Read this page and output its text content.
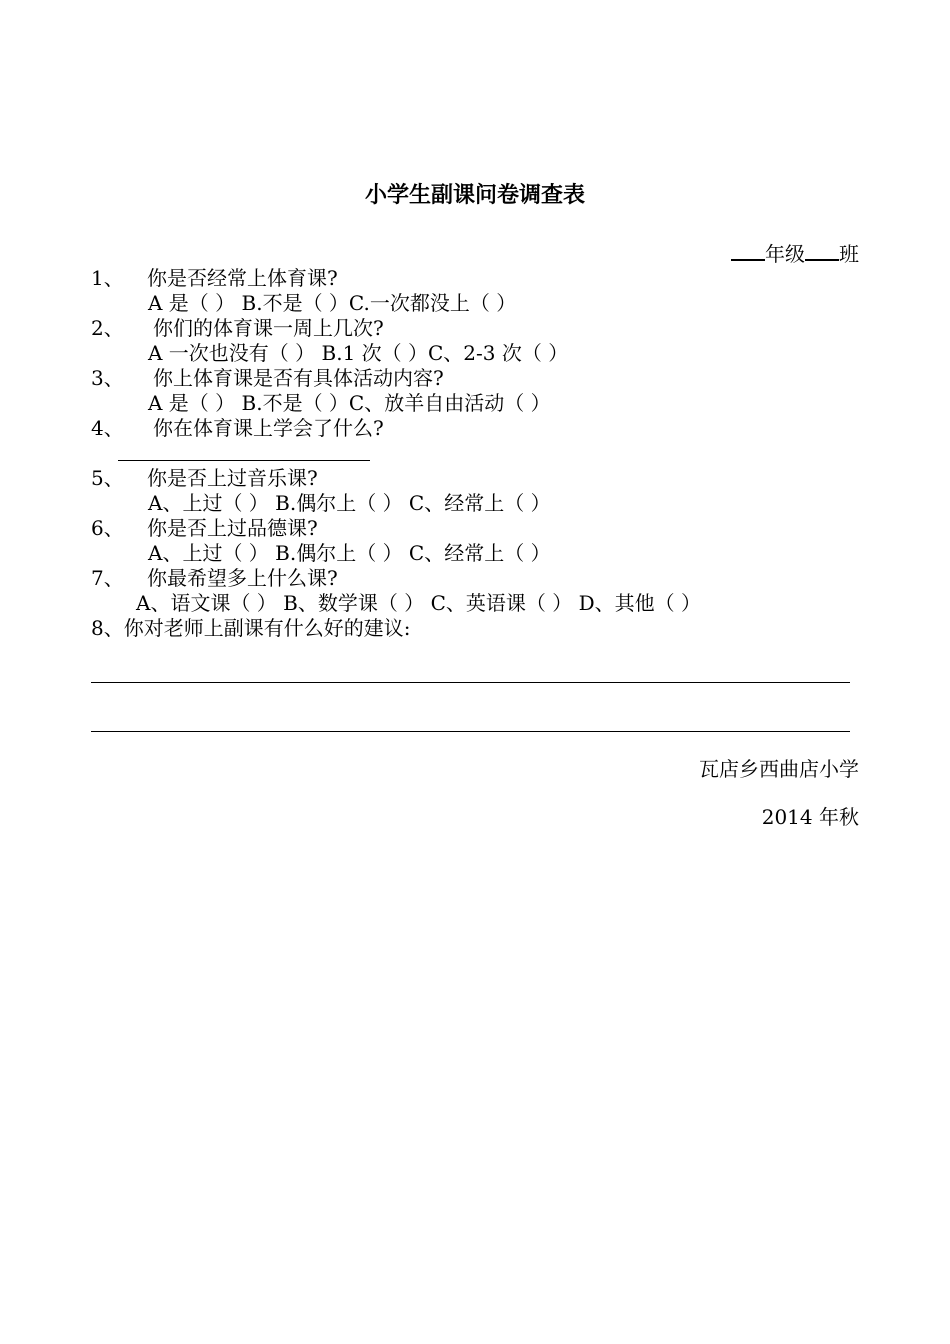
小学生副课问卷调查表
年级 班
1、 你是否经常上体育课?
A 是（ ） B.不是（ ）C.一次都没上（ ）
2、 你们的体育课一周上几次?
A 一次也没有（ ） B.1 次（ ）C、2-3 次（ ）
3、 你上体育课是否有具体活动内容?
A 是（ ） B.不是（ ）C、放羊自由活动（ ）
4、 你在体育课上学会了什么?
5、 你是否上过音乐课?
A、上过（ ） B.偶尔上（ ） C、经常上（ ）
6、 你是否上过品德课?
A、上过（ ） B.偶尔上（ ） C、经常上（ ）
7、 你最希望多上什么课?
A、语文课（ ） B、数学课（ ） C、英语课（ ） D、其他（ ）
8、你对老师上副课有什么好的建议:
瓦店乡西曲店小学
2014 年秋
